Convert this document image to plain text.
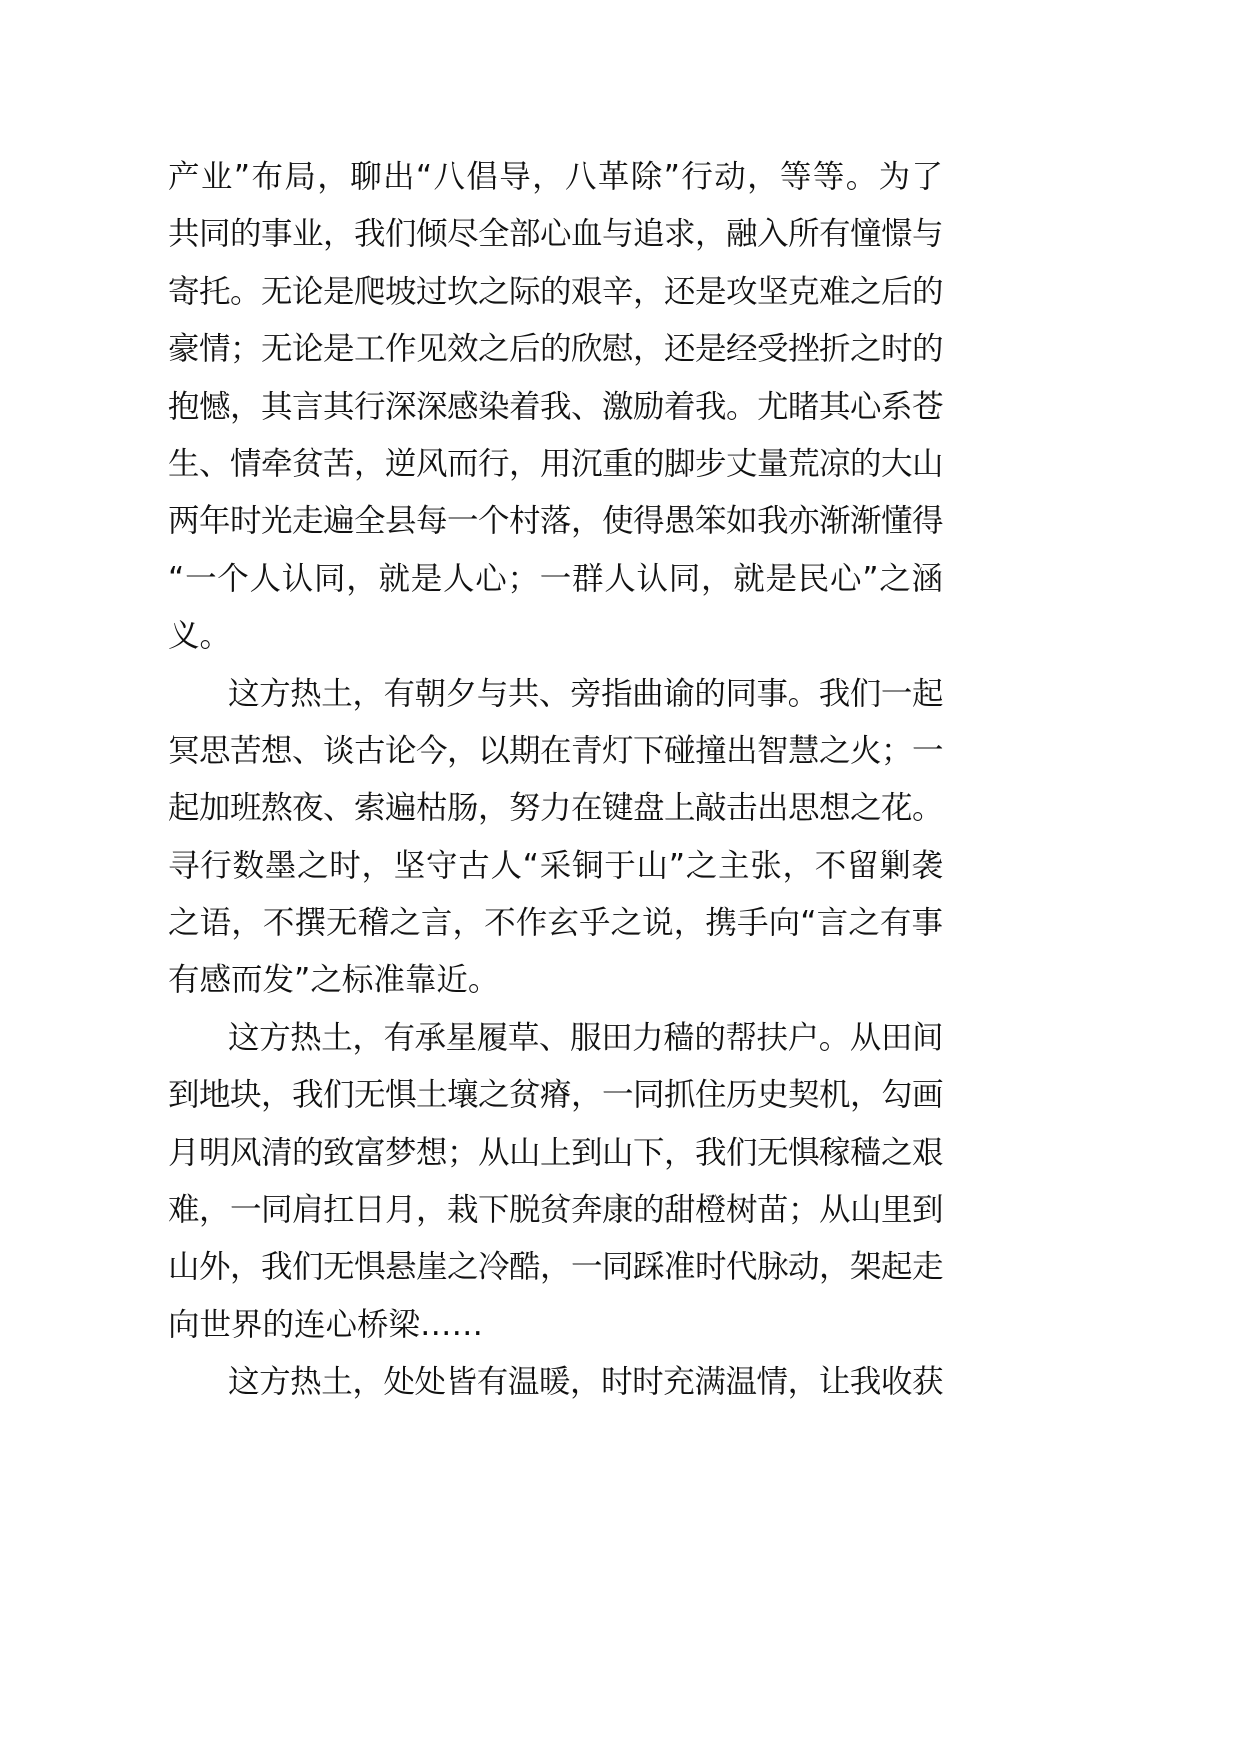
产业”布局，聊出“八倡导，八革除”行动，等等。为了
共同的事业，我们倾尽全部心血与追求，融入所有憧憬与
寄托。无论是爬坡过坎之际的艰辛，还是攻坚克难之后的
豪情；无论是工作见效之后的欣慰，还是经受挫折之时的
抱憾，其言其行深深感染着我、激励着我。尤睹其心系苍
生、情牵贫苦，逆风而行，用沉重的脚步丈量荒凉的大山
两年时光走遍全县每一个村落，使得愚笨如我亦渐渐懂得
“一个人认同，就是人心；一群人认同，就是民心”之涵
义。
这方热土，有朝夕与共、旁指曲谕的同事。我们一起
冥思苦想、谈古论今，以期在青灯下碰撞出智慧之火；一
起加班熬夜、索遍枯肠，努力在键盘上敲击出思想之花。
寻行数墨之时，坚守古人“采铜于山”之主张，不留剿袭
之语，不撰无稽之言，不作玄乎之说，携手向“言之有事
有感而发”之标准靠近。
这方热土，有承星履草、服田力穑的帮扶户。从田间
到地块，我们无惧土壤之贫瘠，一同抓住历史契机，勾画
月明风清的致富梦想；从山上到山下，我们无惧稼穑之艰
难，一同肩扛日月，栽下脱贫奔康的甜橙树苗；从山里到
山外，我们无惧悬崖之冷酷，一同踩准时代脉动，架起走
向世界的连心桥梁……
这方热土，处处皆有温暖，时时充满温情，让我收获
